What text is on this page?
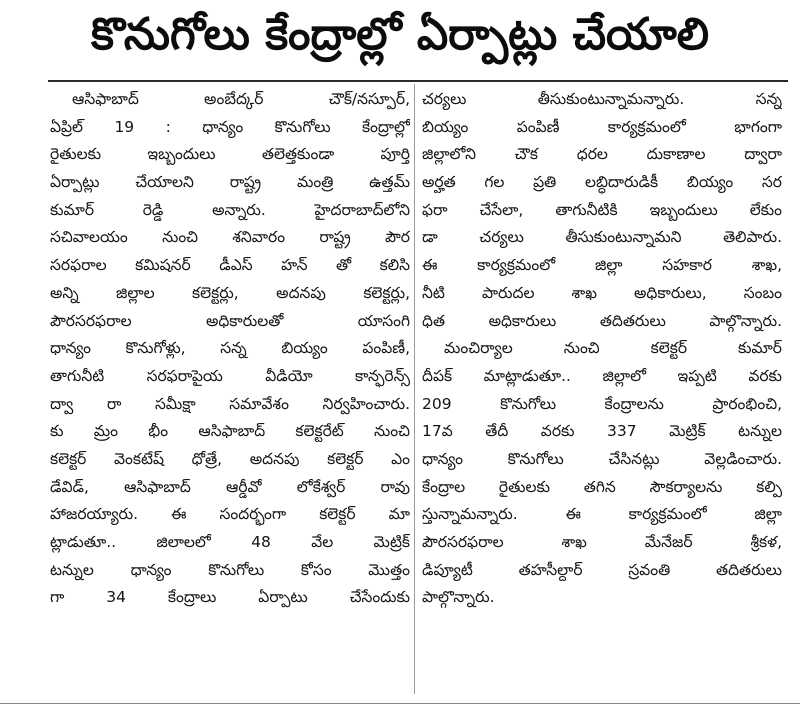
కొనుగోలు కేంద్రాల్లో ఏర్పాట్లు చేయాలి
ఆసిఫాబాద్ అంబేద్కర్ చౌక్/నస్పూర్,
ఏప్రిల్ 19 : ధాన్యం కొనుగోలు కేంద్రాల్లో
రైతులకు ఇబ్బందులు తలెత్తకుండా పూర్తి
ఏర్పాట్లు చేయాలని రాష్ట్ర మంత్రి ఉత్తమ్
కుమార్ రెడ్డి అన్నారు. హైదరాబాద్‌లోని
సచివాలయం నుంచి శనివారం రాష్ట్ర పౌర
సరఫరాల కమిషనర్ డీఎస్ హన్ తో కలిసి
అన్ని జిల్లాల కలెక్టర్లు, అదనపు కలెక్టర్లు,
పౌరసరఫరాల అధికారులతో యాసంగి
ధాన్యం కొనుగోళ్లు, సన్న బియ్యం పంపిణీ,
తాగునీటి సరఫరాపైయ వీడియో కాన్ఫరెన్స్
ద్వా రా సమీక్షా సమావేశం నిర్వహించారు.
కు మ్రం భీం ఆసిఫాబాద్ కలెక్టరేట్ నుంచి
కలెక్టర్ వెంకటేష్ ధోత్రే, అదనపు కలెక్టర్ ఎం
డేవిడ్, ఆసిఫాబాద్ ఆర్డీవో లోకేశ్వర్ రావు
హాజరయ్యారు. ఈ సందర్భంగా కలెక్టర్ మా
ట్లాడుతూ.. జిలాలలో 48 వేల మెట్రిక్
టన్నుల ధాన్యం కొనుగోలు కోసం మొత్తం
గా 34 కేంద్రాలు ఏర్పాటు చేసేందుకు
చర్యలు తీసుకుంటున్నామన్నారు. సన్న
బియ్యం పంపిణీ కార్యక్రమంలో భాగంగా
జిల్లాలోని చౌక ధరల దుకాణాల ద్వారా
అర్హత గల ప్రతి లబ్ధిదారుడికీ బియ్యం సర
ఫరా చేసేలా, తాగునీటికి ఇబ్బందులు లేకుం
డా చర్యలు తీసుకుంటున్నామని తెలిపారు.
ఈ కార్యక్రమంలో జిల్లా సహకార శాఖ,
నీటి పారుదల శాఖ అధికారులు, సంబం
ధిత అధికారులు తదితరులు పాల్గొన్నారు.
మంచిర్యాల నుంచి కలెక్టర్ కుమార్
దీపక్ మాట్లాడుతూ.. జిల్లాలో ఇప్పటి వరకు
209 కొనుగోలు కేంద్రాలను ప్రారంభించి,
17వ తేదీ వరకు 337 మెట్రిక్ టన్నుల
ధాన్యం కొనుగోలు చేసినట్లు వెల్లడించారు.
కేంద్రాల రైతులకు తగిన సౌకర్యాలను కల్పి
స్తున్నామన్నారు. ఈ కార్యక్రమంలో జిల్లా
పౌరసరఫరాల శాఖ మేనేజర్ శ్రీకళ,
డిప్యూటీ తహసీల్దార్ స్రవంతి తదితరులు
పాల్గొన్నారు.
